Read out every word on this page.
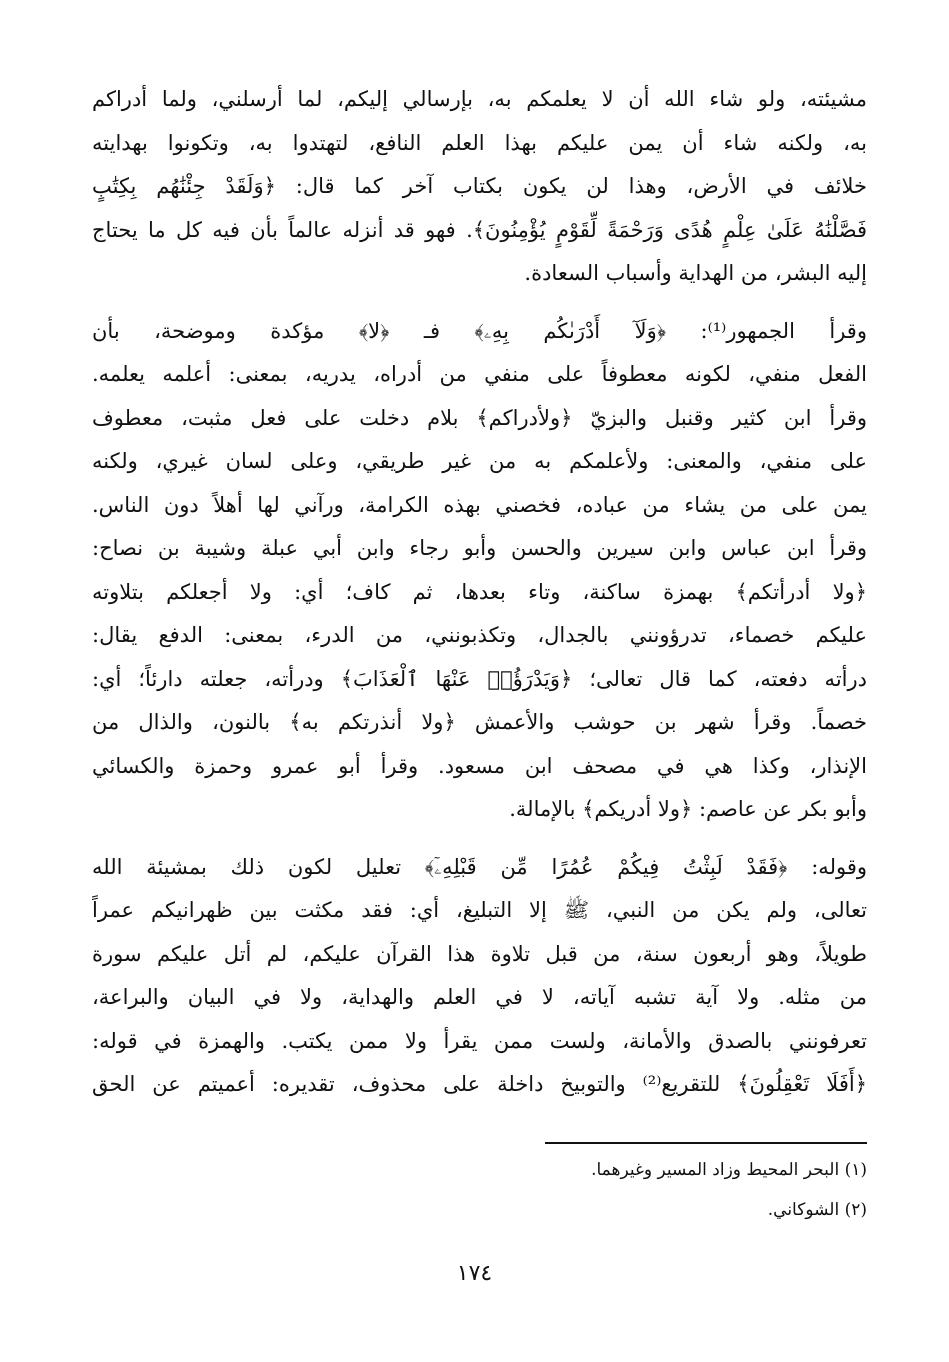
مشيئته، ولو شاء الله أن لا يعلمكم به، بإرسالي إليكم، لما أرسلني، ولما أدراكم
به، ولكنه شاء أن يمن عليكم بهذا العلم النافع، لتهتدوا به، وتكونوا بهدايته
خلائف في الأرض، وهذا لن يكون بكتاب آخر كما قال: ﴿وَلَقَدْ جِئْنَٰهُم بِكِتَٰبٍ
فَصَّلْنَٰهُ عَلَىٰ عِلْمٍ هُدًى وَرَحْمَةً لِّقَوْمٍ يُؤْمِنُونَ﴾. فهو قد أنزله عالماً بأن فيه كل ما يحتاج
إليه البشر، من الهداية وأسباب السعادة.
وقرأ الجمهور⁽¹⁾: ﴿وَلَآ أَدْرَىٰكُم بِهِۦ﴾ فـ ﴿لا﴾ مؤكدة وموضحة، بأن
الفعل منفي، لكونه معطوفاً على منفي من أدراه، يدريه، بمعنى: أعلمه يعلمه.
وقرأ ابن كثير وقنبل والبزيّ ﴿ولأدراكم﴾ بلام دخلت على فعل مثبت، معطوف
على منفي، والمعنى: ولأعلمكم به من غير طريقي، وعلى لسان غيري، ولكنه
يمن على من يشاء من عباده، فخصني بهذه الكرامة، ورآني لها أهلاً دون الناس.
وقرأ ابن عباس وابن سيرين والحسن وأبو رجاء وابن أبي عبلة وشيبة بن نصاح:
﴿ولا أدرأتكم﴾ بهمزة ساكنة، وتاء بعدها، ثم كاف؛ أي: ولا أجعلكم بتلاوته
عليكم خصماء، تدرؤونني بالجدال، وتكذبونني، من الدرء، بمعنى: الدفع يقال:
درأته دفعته، كما قال تعالى؛ ﴿وَيَدْرَؤُا۟ عَنْهَا ٱلْعَذَابَ﴾ ودرأته، جعلته دارئاً؛ أي:
خصماً. وقرأ شهر بن حوشب والأعمش ﴿ولا أنذرتكم به﴾ بالنون، والذال من
الإنذار، وكذا هي في مصحف ابن مسعود. وقرأ أبو عمرو وحمزة والكسائي
وأبو بكر عن عاصم: ﴿ولا أدريكم﴾ بالإمالة.
وقوله: ﴿فَقَدْ لَبِثْتُ فِيكُمْ عُمُرًا مِّن قَبْلِهِۦٓ﴾ تعليل لكون ذلك بمشيئة الله
تعالى، ولم يكن من النبي، ﷺ إلا التبليغ، أي: فقد مكثت بين ظهرانيكم عمراً
طويلاً، وهو أربعون سنة، من قبل تلاوة هذا القرآن عليكم، لم أتل عليكم سورة
من مثله. ولا آية تشبه آياته، لا في العلم والهداية، ولا في البيان والبراعة،
تعرفونني بالصدق والأمانة، ولست ممن يقرأ ولا ممن يكتب. والهمزة في قوله:
﴿أَفَلَا تَعْقِلُونَ﴾ للتقريع⁽²⁾ والتوبيخ داخلة على محذوف، تقديره: أعميتم عن الحق
(١) البحر المحيط وزاد المسير وغيرهما.
(٢) الشوكاني.
١٧٤
